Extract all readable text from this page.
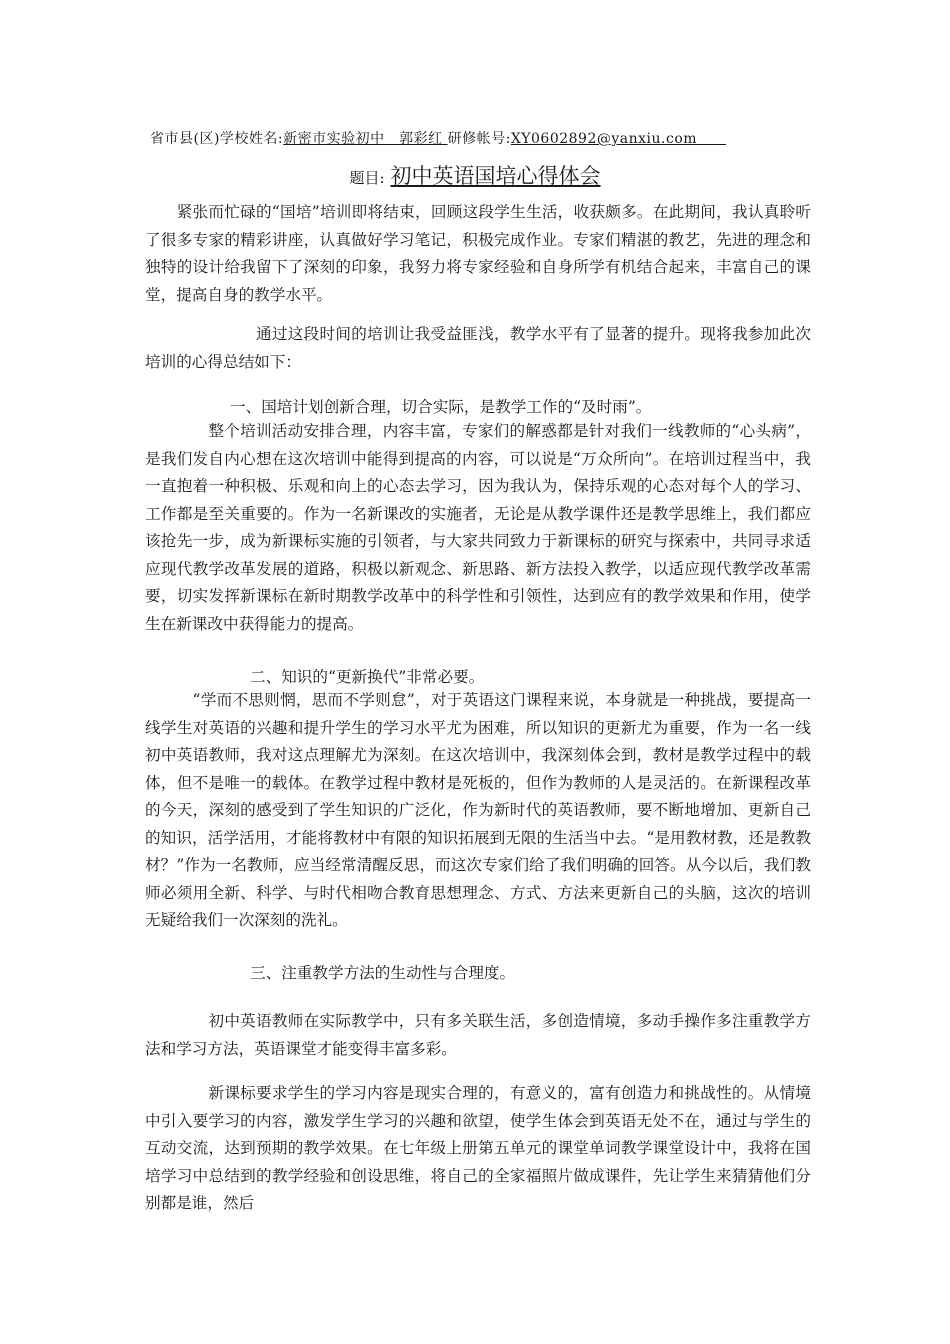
省市县(区)学校姓名:新密市实验初中　郭彩红 研修帐号:XY0602892@yanxiu.com　　
题目: 初中英语国培心得体会
　　紧张而忙碌的“国培”培训即将结束，回顾这段学生生活，收获颇多。在此期间，我认真聆听了很多专家的精彩讲座，认真做好学习笔记，积极完成作业。专家们精湛的教艺，先进的理念和独特的设计给我留下了深刻的印象，我努力将专家经验和自身所学有机结合起来，丰富自己的课堂，提高自身的教学水平。
　　　　　　　通过这段时间的培训让我受益匪浅，教学水平有了显著的提升。现将我参加此次培训的心得总结如下：
一、国培计划创新合理，切合实际，是教学工作的“及时雨”。
　　　　整个培训活动安排合理，内容丰富，专家们的解惑都是针对我们一线教师的“心头病”，是我们发自内心想在这次培训中能得到提高的内容，可以说是“万众所向”。在培训过程当中，我一直抱着一种积极、乐观和向上的心态去学习，因为我认为，保持乐观的心态对每个人的学习、工作都是至关重要的。作为一名新课改的实施者，无论是从教学课件还是教学思维上，我们都应该抢先一步，成为新课标实施的引领者，与大家共同致力于新课标的研究与探索中，共同寻求适应现代教学改革发展的道路，积极以新观念、新思路、新方法投入教学，以适应现代教学改革需要，切实发挥新课标在新时期教学改革中的科学性和引领性，达到应有的教学效果和作用，使学生在新课改中获得能力的提高。
二、知识的“更新换代”非常必要。
　　　“学而不思则惘，思而不学则怠”，对于英语这门课程来说，本身就是一种挑战，要提高一线学生对英语的兴趣和提升学生的学习水平尤为困难，所以知识的更新尤为重要，作为一名一线初中英语教师，我对这点理解尤为深刻。在这次培训中，我深刻体会到，教材是教学过程中的载体，但不是唯一的载体。在教学过程中教材是死板的，但作为教师的人是灵活的。在新课程改革的今天，深刻的感受到了学生知识的广泛化，作为新时代的英语教师，要不断地增加、更新自己的知识，活学活用，才能将教材中有限的知识拓展到无限的生活当中去。“是用教材教，还是教教材？”作为一名教师，应当经常清醒反思，而这次专家们给了我们明确的回答。从今以后，我们教师必须用全新、科学、与时代相吻合教育思想理念、方式、方法来更新自己的头脑，这次的培训无疑给我们一次深刻的洗礼。
三、注重教学方法的生动性与合理度。
　　　　初中英语教师在实际教学中，只有多关联生活，多创造情境，多动手操作多注重教学方法和学习方法，英语课堂才能变得丰富多彩。
　　　　新课标要求学生的学习内容是现实合理的，有意义的，富有创造力和挑战性的。从情境中引入要学习的内容，激发学生学习的兴趣和欲望，使学生体会到英语无处不在，通过与学生的互动交流，达到预期的教学效果。在七年级上册第五单元的课堂单词教学课堂设计中，我将在国培学习中总结到的教学经验和创设思维，将自己的全家福照片做成课件，先让学生来猜猜他们分别都是谁，然后
